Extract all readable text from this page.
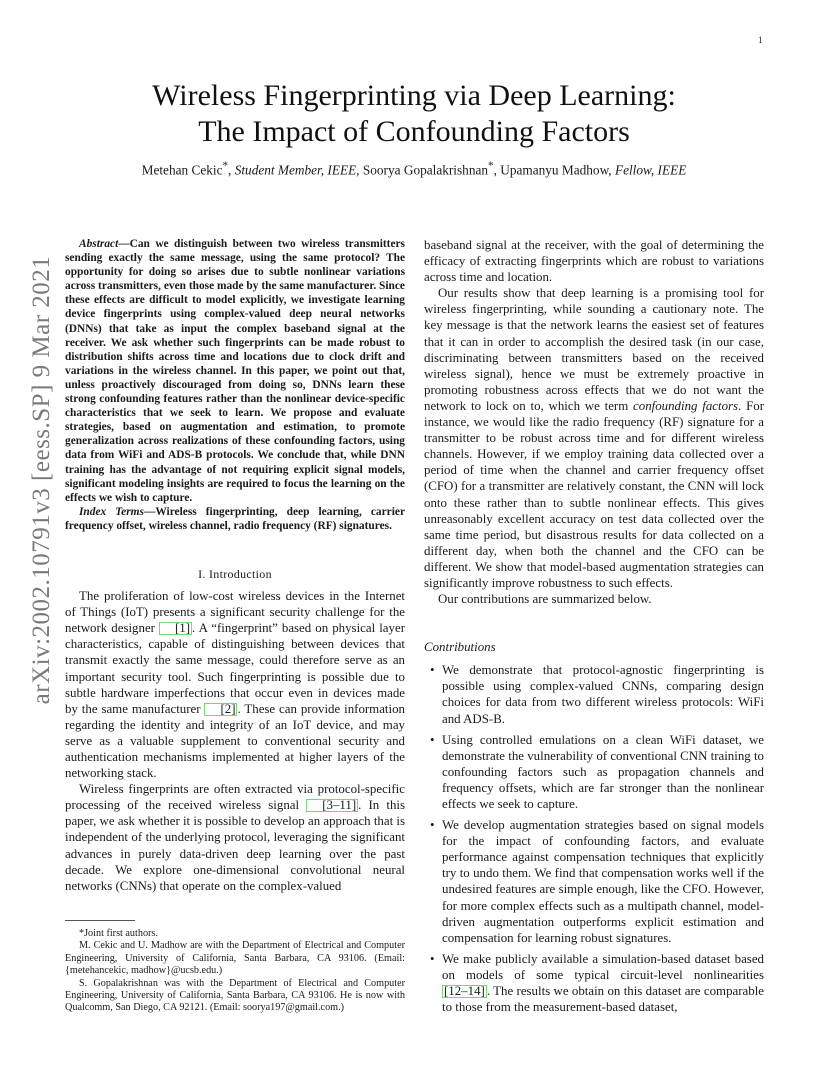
1
arXiv:2002.10791v3 [eess.SP] 9 Mar 2021
Wireless Fingerprinting via Deep Learning:
The Impact of Confounding Factors
Metehan Cekic*, Student Member, IEEE, Soorya Gopalakrishnan*, Upamanyu Madhow, Fellow, IEEE

Abstract—Can we distinguish between two wireless transmitters sending exactly the same message, using the same protocol? The opportunity for doing so arises due to subtle nonlinear variations across transmitters, even those made by the same manufacturer. Since these effects are difficult to model explicitly, we investigate learning device fingerprints using complex-valued deep neural networks (DNNs) that take as input the complex baseband signal at the receiver. We ask whether such fingerprints can be made robust to distribution shifts across time and locations due to clock drift and variations in the wireless channel. In this paper, we point out that, unless proactively discouraged from doing so, DNNs learn these strong confounding features rather than the nonlinear device-specific characteristics that we seek to learn. We propose and evaluate strategies, based on augmentation and estimation, to promote generalization across realizations of these confounding factors, using data from WiFi and ADS-B protocols. We conclude that, while DNN training has the advantage of not requiring explicit signal models, significant modeling insights are required to focus the learning on the effects we wish to capture.

Index Terms—Wireless fingerprinting, deep learning, carrier frequency offset, wireless channel, radio frequency (RF) signatures.

I. Introduction

The proliferation of low-cost wireless devices in the Internet of Things (IoT) presents a significant security challenge for the network designer [1] . A “fingerprint” based on physical layer characteristics, capable of distinguishing between devices that transmit exactly the same message, could therefore serve as an important security tool. Such fingerprinting is possible due to subtle hardware imperfections that occur even in devices made by the same manufacturer [2] . These can provide information regarding the identity and integrity of an IoT device, and may serve as a valuable supplement to conventional security and authentication mechanisms implemented at higher layers of the networking stack.

Wireless fingerprints are often extracted via protocol-specific processing of the received wireless signal [3–11] . In this paper, we ask whether it is possible to develop an approach that is independent of the underlying protocol, leveraging the significant advances in purely data-driven deep learning over the past decade. We explore one-dimensional convolutional neural networks (CNNs) that operate on the complex-valued

*Joint first authors.

M. Cekic and U. Madhow are with the Department of Electrical and Computer Engineering, University of California, Santa Barbara, CA 93106. (Email:{metehancekic, madhow}@ucsb.edu.)

S. Gopalakrishnan was with the Department of Electrical and Computer Engineering, University of California, Santa Barbara, CA 93106. He is now with Qualcomm, San Diego, CA 92121. (Email: soorya197@gmail.com.)

baseband signal at the receiver, with the goal of determining the efficacy of extracting fingerprints which are robust to variations across time and location.

Our results show that deep learning is a promising tool for wireless fingerprinting, while sounding a cautionary note. The key message is that the network learns the easiest set of features that it can in order to accomplish the desired task (in our case, discriminating between transmitters based on the received wireless signal), hence we must be extremely proactive in promoting robustness across effects that we do not want the network to lock on to, which we term confounding factors. For instance, we would like the radio frequency (RF) signature for a transmitter to be robust across time and for different wireless channels. However, if we employ training data collected over a period of time when the channel and carrier frequency offset (CFO) for a transmitter are relatively constant, the CNN will lock onto these rather than to subtle nonlinear effects. This gives unreasonably excellent accuracy on test data collected over the same time period, but disastrous results for data collected on a different day, when both the channel and the CFO can be different. We show that model-based augmentation strategies can significantly improve robustness to such effects.

Our contributions are summarized below.

Contributions
• We demonstrate that protocol-agnostic fingerprinting is possible using complex-valued CNNs, comparing design choices for data from two different wireless protocols: WiFi and ADS-B.
• Using controlled emulations on a clean WiFi dataset, we demonstrate the vulnerability of conventional CNN training to confounding factors such as propagation channels and frequency offsets, which are far stronger than the nonlinear effects we seek to capture.
• We develop augmentation strategies based on signal models for the impact of confounding factors, and evaluate performance against compensation techniques that explicitly try to undo them. We find that compensation works well if the undesired features are simple enough, like the CFO. However, for more complex effects such as a multipath channel, model-driven augmentation outperforms explicit estimation and compensation for learning robust signatures.
• We make publicly available a simulation-based dataset based on models of some typical circuit-level nonlinearities [12–14] . The results we obtain on this dataset are comparable to those from the measurement-based dataset,
